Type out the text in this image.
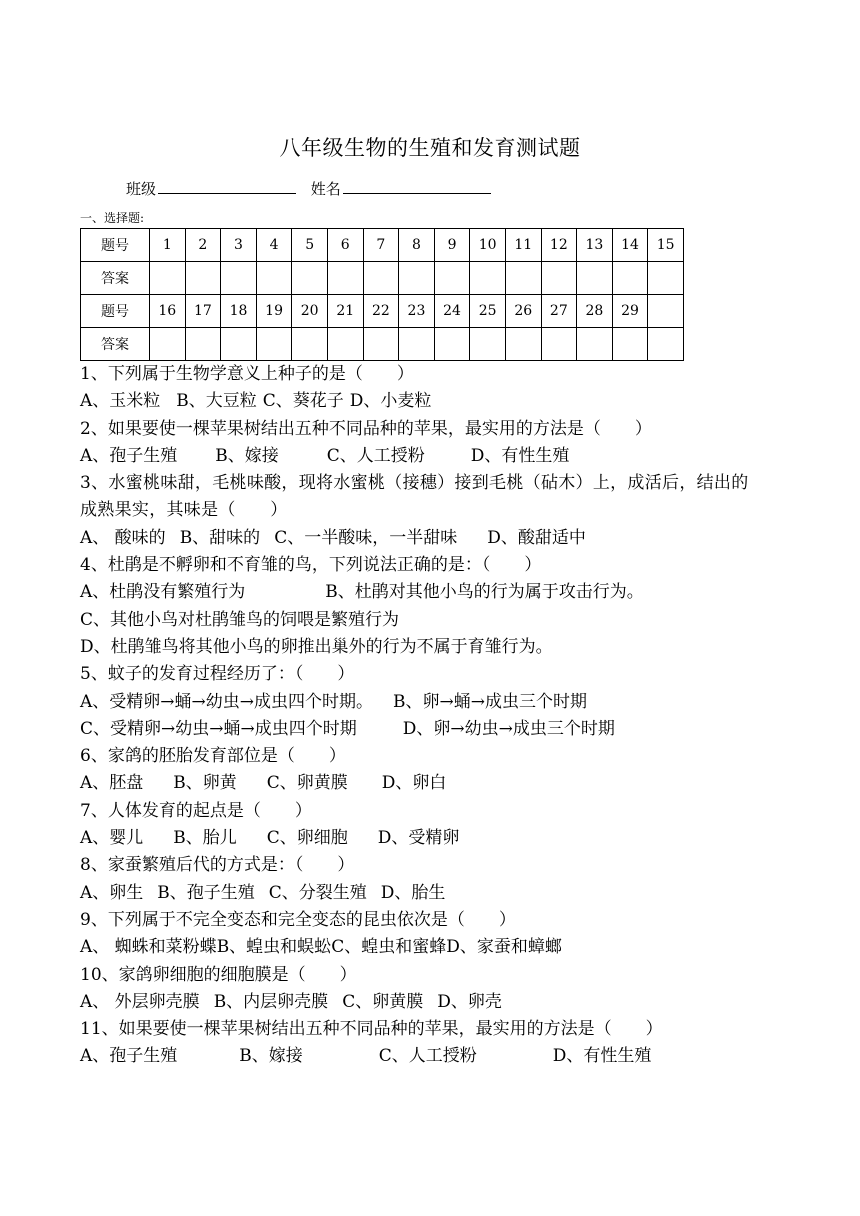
八年级生物的生殖和发育测试题
班级	姓名
一、选择题:
题号	1	2	3	4	5	6	7	8	9	10	11	12	13	14	15
答案															
题号	16	17	18	19	20	21	22	23	24	25	26	27	28	29	
答案															

1、下列属于生物学意义上种子的是（　　）

A、玉米粒 B、大豆粒 C、葵花子 D、小麦粒

2、如果要使一棵苹果树结出五种不同品种的苹果，最实用的方法是（　　）

A、孢子生殖 B、嫁接	C、人工授粉	D、有性生殖

3、水蜜桃味甜，毛桃味酸，现将水蜜桃（接穗）接到毛桃（砧木）上，成活后，结出的成熟果实，其味是（　　）

A、 酸味的 B、甜味的 C、一半酸味，一半甜味 D、酸甜适中

4、杜鹃是不孵卵和不育雏的鸟，下列说法正确的是：（　　）

A、杜鹃没有繁殖行为	B、杜鹃对其他小鸟的行为属于攻击行为。

C、其他小鸟对杜鹃雏鸟的饲喂是繁殖行为

D、杜鹃雏鸟将其他小鸟的卵推出巢外的行为不属于育雏行为。

5、蚊子的发育过程经历了：（　　）

A、受精卵→蛹→幼虫→成虫四个时期。 B、卵→蛹→成虫三个时期

C、受精卵→幼虫→蛹→成虫四个时期	D、卵→幼虫→成虫三个时期

6、家鸽的胚胎发育部位是（　　）

A、胚盘 B、卵黄 C、卵黄膜 D、卵白

7、人体发育的起点是（　　）

A、婴儿 B、胎儿 C、卵细胞 D、受精卵

8、家蚕繁殖后代的方式是：（　　）

A、卵生 B、孢子生殖 C、分裂生殖 D、胎生

9、下列属于不完全变态和完全变态的昆虫依次是（　　）

A、 蜘蛛和菜粉蝶B、蝗虫和蜈蚣C、蝗虫和蜜蜂D、家蚕和蟑螂

10、家鸽卵细胞的细胞膜是（　　）

A、 外层卵壳膜 B、内层卵壳膜 C、卵黄膜 D、卵壳

11、如果要使一棵苹果树结出五种不同品种的苹果，最实用的方法是（　　）

A、孢子生殖	B、嫁接	C、人工授粉	D、有性生殖
